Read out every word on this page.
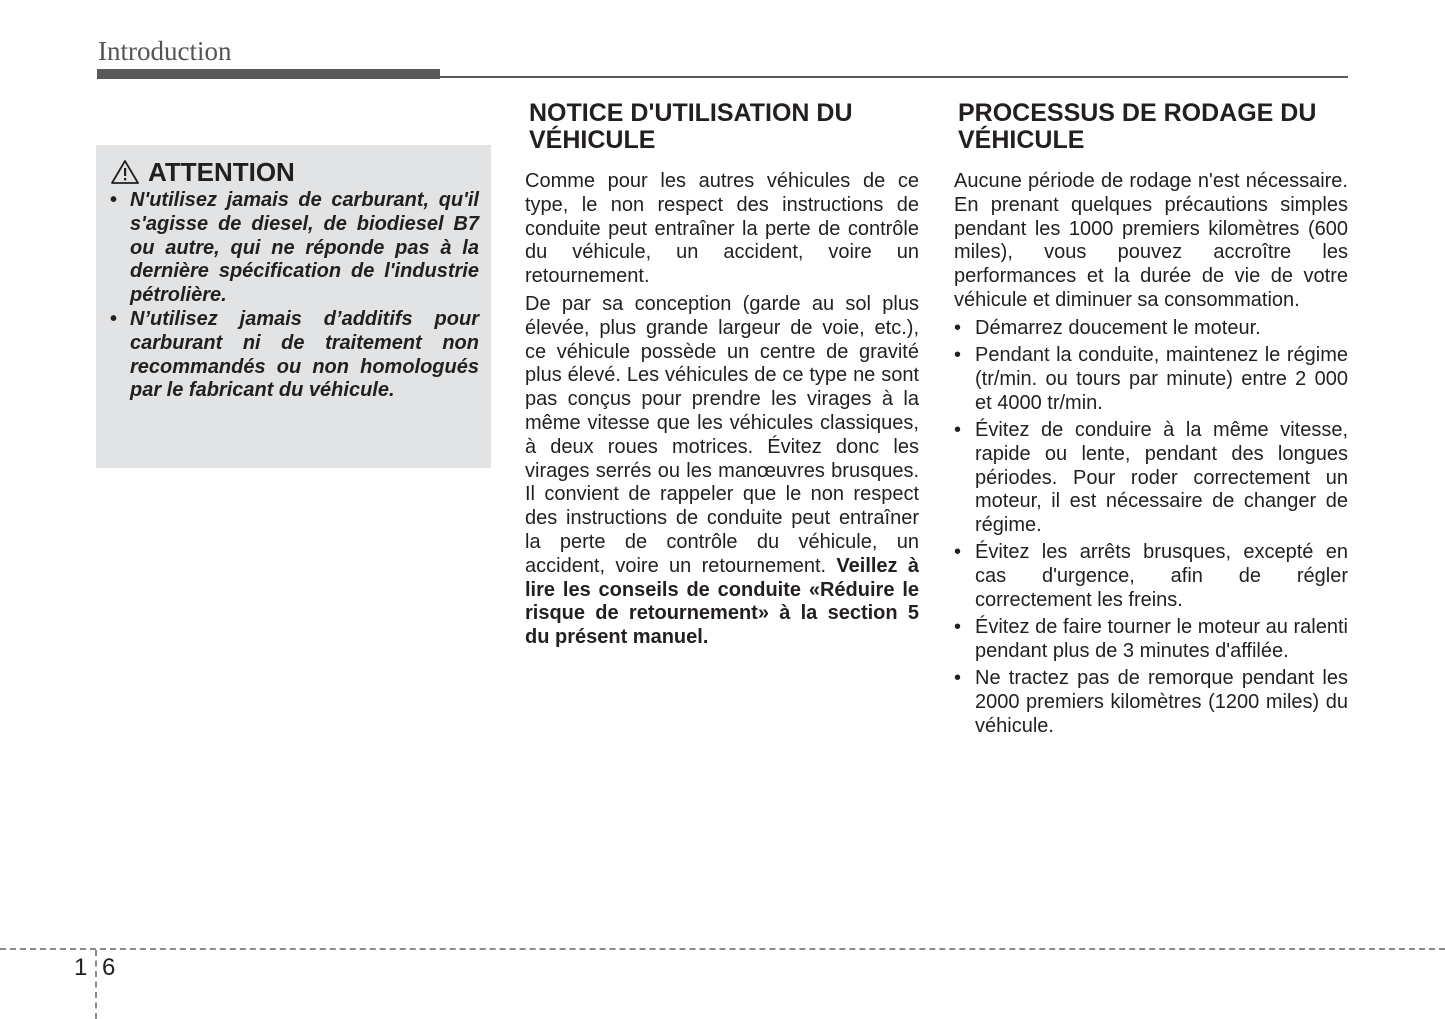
Introduction
ATTENTION
• N'utilisez jamais de carburant, qu'il s'agisse de diesel, de biodiesel B7 ou autre, qui ne réponde pas à la dernière spécification de l'industrie pétrolière.
• N’utilisez jamais d’additifs pour carburant ni de traitement non recommandés ou non homologués par le fabricant du véhicule.
NOTICE D'UTILISATION DU VÉHICULE

Comme pour les autres véhicules de ce type, le non respect des instructions de conduite peut entraîner la perte de contrôle du véhicule, un accident, voire un retournement.

De par sa conception (garde au sol plus élevée, plus grande largeur de voie, etc.), ce véhicule possède un centre de gravité plus élevé. Les véhicules de ce type ne sont pas conçus pour prendre les virages à la même vitesse que les véhicules classiques, à deux roues motrices. Évitez donc les virages serrés ou les manœuvres brusques. Il convient de rappeler que le non respect des instructions de conduite peut entraîner la perte de contrôle du véhicule, un accident, voire un retournement. Veillez à lire les conseils de conduite «Réduire le risque de retournement» à la section 5 du présent manuel.

PROCESSUS DE RODAGE DU VÉHICULE

Aucune période de rodage n'est nécessaire. En prenant quelques précautions simples pendant les 1000 premiers kilomètres (600 miles), vous pouvez accroître les performances et la durée de vie de votre véhicule et diminuer sa consommation.

• Démarrez doucement le moteur.
• Pendant la conduite, maintenez le régime (tr/min. ou tours par minute) entre 2 000 et 4000 tr/min.
• Évitez de conduire à la même vitesse, rapide ou lente, pendant des longues périodes. Pour roder correctement un moteur, il est nécessaire de changer de régime.
• Évitez les arrêts brusques, excepté en cas d'urgence, afin de régler correctement les freins.
• Évitez de faire tourner le moteur au ralenti pendant plus de 3 minutes d'affilée.
• Ne tractez pas de remorque pendant les 2000 premiers kilomètres (1200 miles) du véhicule.
1 6
